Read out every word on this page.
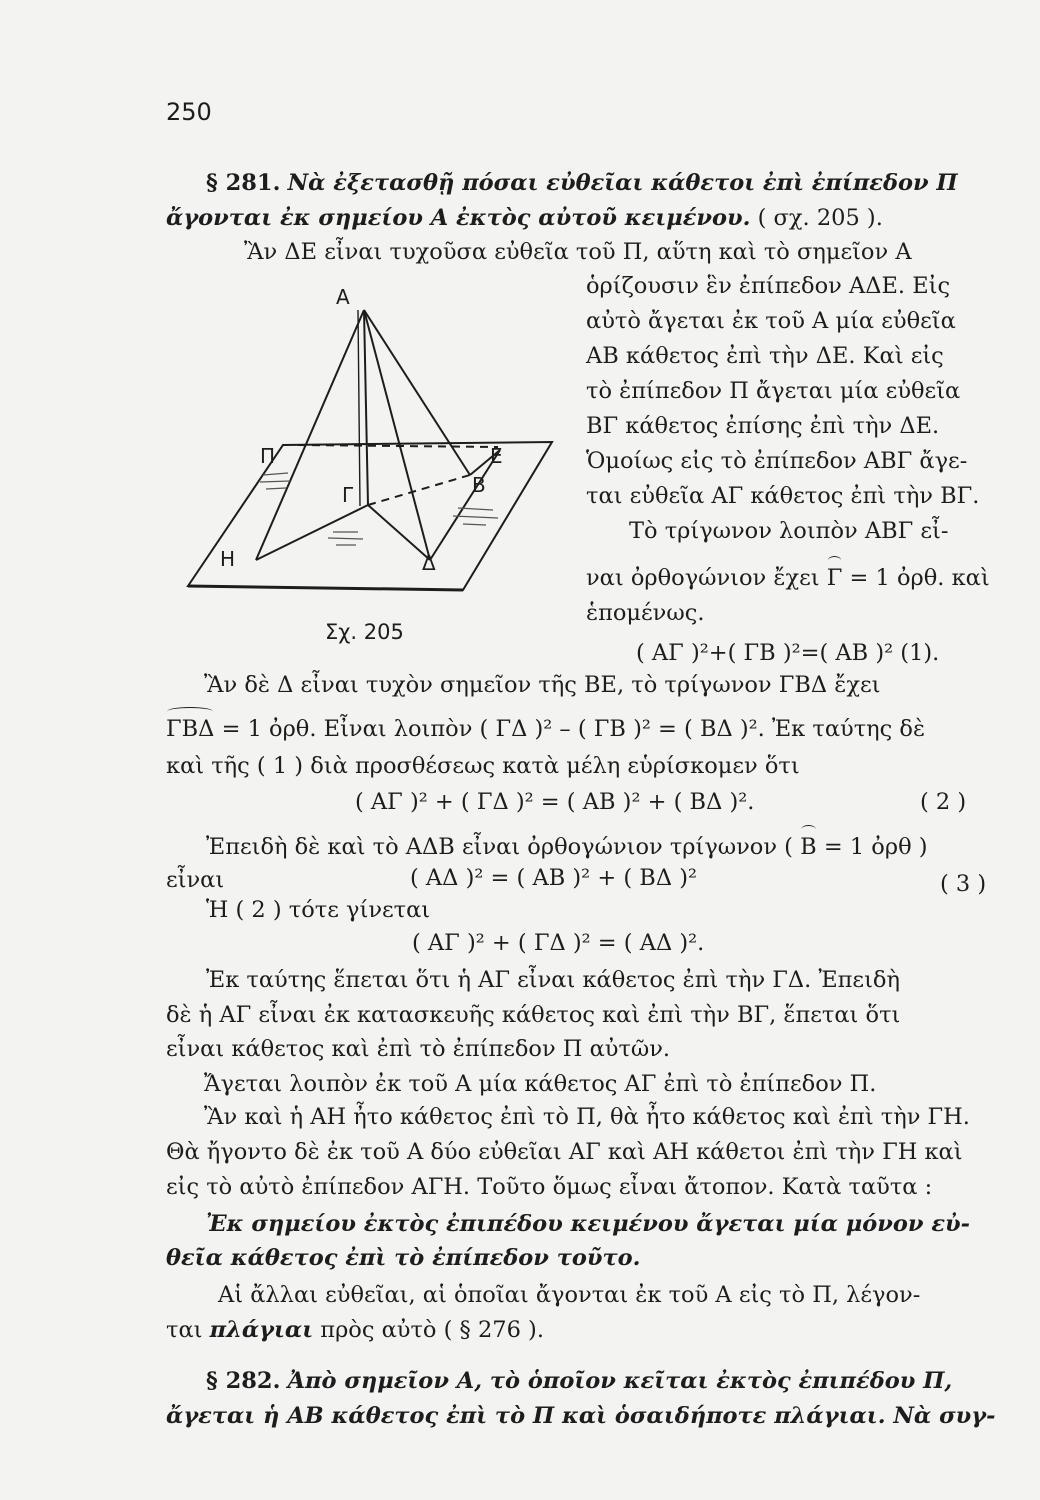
250
§ 281. Νὰ ἐξετασθῇ πόσαι εὐθεῖαι κάθετοι ἐπὶ ἐπίπεδον Π
ἄγονται ἐκ σημείου Α ἐκτὸς αὐτοῦ κειμένου. ( σχ. 205 ).
Ἂν ΔΕ εἶναι τυχοῦσα εὐθεῖα τοῦ Π, αὕτη καὶ τὸ σημεῖον Α
ὁρίζουσιν ἓν ἐπίπεδον ΑΔΕ. Εἰς
αὐτὸ ἄγεται ἐκ τοῦ Α μία εὐθεῖα
ΑΒ κάθετος ἐπὶ τὴν ΔΕ. Καὶ εἰς
τὸ ἐπίπεδον Π ἄγεται μία εὐθεῖα
ΒΓ κάθετος ἐπίσης ἐπὶ τὴν ΔΕ.
Ὁμοίως εἰς τὸ ἐπίπεδον ΑΒΓ ἄγε-
ται εὐθεῖα ΑΓ κάθετος ἐπὶ τὴν ΒΓ.
Τὸ τρίγωνον λοιπὸν ΑΒΓ εἶ-
ναι ὀρθογώνιον ἔχει Γ = 1 ὀρθ. καὶ
ἑπομένως.
Α
Π	Ε
Γ	Β
Η	Δ
Σχ. 205
( ΑΓ )²+( ΓΒ )²=( ΑΒ )² (1).
Ἂν δὲ Δ εἶναι τυχὸν σημεῖον τῆς ΒΕ, τὸ τρίγωνον ΓΒΔ ἔχει
ΓΒΔ = 1 ὀρθ. Εἶναι λοιπὸν ( ΓΔ )² – ( ΓΒ )² = ( ΒΔ )². Ἐκ ταύτης δὲ
καὶ τῆς ( 1 ) διὰ προσθέσεως κατὰ μέλη εὑρίσκομεν ὅτι
( ΑΓ )² + ( ΓΔ )² = ( ΑΒ )² + ( ΒΔ )².	( 2 )
Ἐπειδὴ δὲ καὶ τὸ ΑΔΒ εἶναι ὀρθογώνιον τρίγωνον ( Β = 1 ὀρθ )
εἶναι	( ΑΔ )² = ( ΑΒ )² + ( ΒΔ )²	( 3 )
Ἡ ( 2 ) τότε γίνεται
( ΑΓ )² + ( ΓΔ )² = ( ΑΔ )².
Ἐκ ταύτης ἕπεται ὅτι ἡ ΑΓ εἶναι κάθετος ἐπὶ τὴν ΓΔ. Ἐπειδὴ
δὲ ἡ ΑΓ εἶναι ἐκ κατασκευῆς κάθετος καὶ ἐπὶ τὴν ΒΓ, ἕπεται ὅτι
εἶναι κάθετος καὶ ἐπὶ τὸ ἐπίπεδον Π αὐτῶν.
Ἄγεται λοιπὸν ἐκ τοῦ Α μία κάθετος ΑΓ ἐπὶ τὸ ἐπίπεδον Π.
Ἂν καὶ ἡ ΑΗ ἦτο κάθετος ἐπὶ τὸ Π, θὰ ἦτο κάθετος καὶ ἐπὶ τὴν ΓΗ.
Θὰ ἤγοντο δὲ ἐκ τοῦ Α δύο εὐθεῖαι ΑΓ καὶ ΑΗ κάθετοι ἐπὶ τὴν ΓΗ καὶ
εἰς τὸ αὐτὸ ἐπίπεδον ΑΓΗ. Τοῦτο ὅμως εἶναι ἄτοπον. Κατὰ ταῦτα :
Ἐκ σημείου ἐκτὸς ἐπιπέδου κειμένου ἄγεται μία μόνον εὐ-
θεῖα κάθετος ἐπὶ τὸ ἐπίπεδον τοῦτο.
Αἱ ἄλλαι εὐθεῖαι, αἱ ὁποῖαι ἄγονται ἐκ τοῦ Α εἰς τὸ Π, λέγον-
ται πλάγιαι πρὸς αὐτὸ ( § 276 ).
§ 282. Ἀπὸ σημεῖον Α, τὸ ὁποῖον κεῖται ἐκτὸς ἐπιπέδου Π,
ἄγεται ἡ ΑΒ κάθετος ἐπὶ τὸ Π καὶ ὁσαιδήποτε πλάγιαι. Νὰ συγ-
